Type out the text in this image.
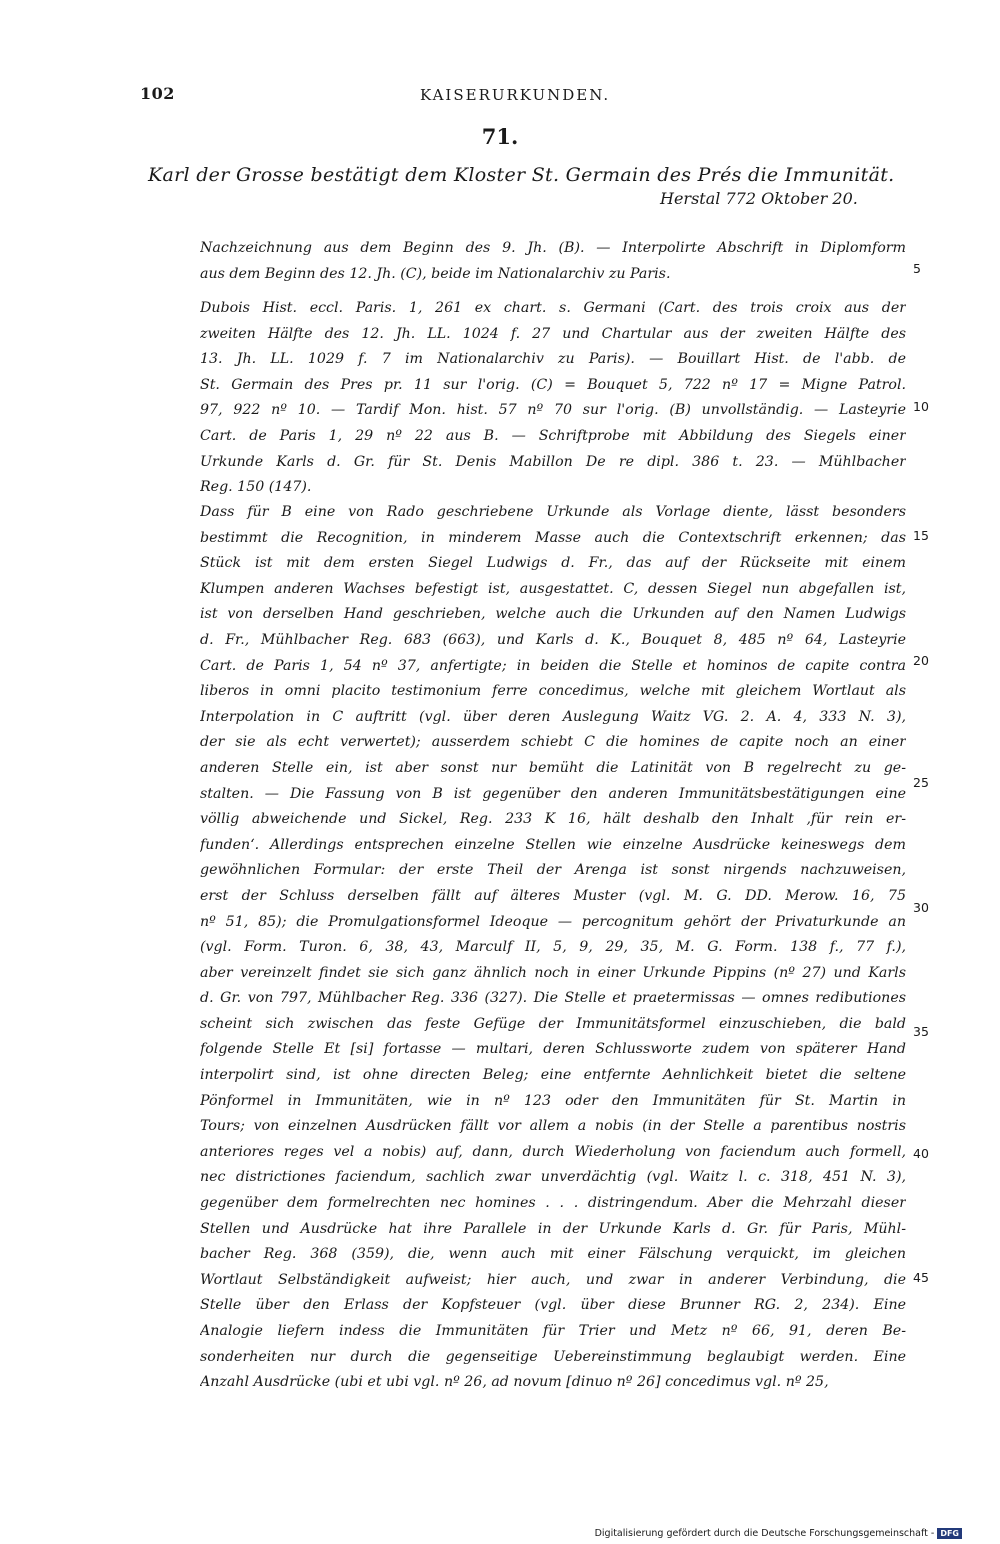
102	KAISERURKUNDEN.
71.
Karl der Grosse bestätigt dem Kloster St. Germain des Prés die Immunität.
Herstal 772 Oktober 20.
Nachzeichnung aus dem Beginn des 9. Jh. (B). — Interpolirte Abschrift in Diplomform
aus dem Beginn des 12. Jh. (C), beide im Nationalarchiv zu Paris.
Dubois Hist. eccl. Paris. 1, 261 ex chart. s. Germani (Cart. des trois croix aus der
zweiten Hälfte des 12. Jh. LL. 1024 f. 27 und Chartular aus der zweiten Hälfte des
13. Jh. LL. 1029 f. 7 im Nationalarchiv zu Paris). — Bouillart Hist. de l'abb. de
St. Germain des Pres pr. 11 sur l'orig. (C) = Bouquet 5, 722 nº 17 = Migne Patrol.
97, 922 nº 10. — Tardif Mon. hist. 57 nº 70 sur l'orig. (B) unvollständig. — Lasteyrie
Cart. de Paris 1, 29 nº 22 aus B. — Schriftprobe mit Abbildung des Siegels einer
Urkunde Karls d. Gr. für St. Denis Mabillon De re dipl. 386 t. 23. — Mühlbacher
Reg. 150 (147).
Dass für B eine von Rado geschriebene Urkunde als Vorlage diente, lässt besonders
bestimmt die Recognition, in minderem Masse auch die Contextschrift erkennen; das
Stück ist mit dem ersten Siegel Ludwigs d. Fr., das auf der Rückseite mit einem
Klumpen anderen Wachses befestigt ist, ausgestattet. C, dessen Siegel nun abgefallen ist,
ist von derselben Hand geschrieben, welche auch die Urkunden auf den Namen Ludwigs
d. Fr., Mühlbacher Reg. 683 (663), und Karls d. K., Bouquet 8, 485 nº 64, Lasteyrie
Cart. de Paris 1, 54 nº 37, anfertigte; in beiden die Stelle et hominos de capite contra
liberos in omni placito testimonium ferre concedimus, welche mit gleichem Wortlaut als
Interpolation in C auftritt (vgl. über deren Auslegung Waitz VG. 2. A. 4, 333 N. 3),
der sie als echt verwertet); ausserdem schiebt C die homines de capite noch an einer
anderen Stelle ein, ist aber sonst nur bemüht die Latinität von B regelrecht zu ge-
stalten. — Die Fassung von B ist gegenüber den anderen Immunitätsbestätigungen eine
völlig abweichende und Sickel, Reg. 233 K 16, hält deshalb den Inhalt ‚für rein er-
funden‘. Allerdings entsprechen einzelne Stellen wie einzelne Ausdrücke keineswegs dem
gewöhnlichen Formular: der erste Theil der Arenga ist sonst nirgends nachzuweisen,
erst der Schluss derselben fällt auf älteres Muster (vgl. M. G. DD. Merow. 16, 75
nº 51, 85); die Promulgationsformel Ideoque — percognitum gehört der Privaturkunde an
(vgl. Form. Turon. 6, 38, 43, Marculf II, 5, 9, 29, 35, M. G. Form. 138 f., 77 f.),
aber vereinzelt findet sie sich ganz ähnlich noch in einer Urkunde Pippins (nº 27) und Karls
d. Gr. von 797, Mühlbacher Reg. 336 (327). Die Stelle et praetermissas — omnes redibutiones
scheint sich zwischen das feste Gefüge der Immunitätsformel einzuschieben, die bald
folgende Stelle Et [si] fortasse — multari, deren Schlussworte zudem von späterer Hand
interpolirt sind, ist ohne directen Beleg; eine entfernte Aehnlichkeit bietet die seltene
Pönformel in Immunitäten, wie in nº 123 oder den Immunitäten für St. Martin in
Tours; von einzelnen Ausdrücken fällt vor allem a nobis (in der Stelle a parentibus nostris
anteriores reges vel a nobis) auf, dann, durch Wiederholung von faciendum auch formell,
nec districtiones faciendum, sachlich zwar unverdächtig (vgl. Waitz l. c. 318, 451 N. 3),
gegenüber dem formelrechten nec homines . . . distringendum. Aber die Mehrzahl dieser
Stellen und Ausdrücke hat ihre Parallele in der Urkunde Karls d. Gr. für Paris, Mühl-
bacher Reg. 368 (359), die, wenn auch mit einer Fälschung verquickt, im gleichen
Wortlaut Selbständigkeit aufweist; hier auch, und zwar in anderer Verbindung, die
Stelle über den Erlass der Kopfsteuer (vgl. über diese Brunner RG. 2, 234). Eine
Analogie liefern indess die Immunitäten für Trier und Metz nº 66, 91, deren Be-
sonderheiten nur durch die gegenseitige Uebereinstimmung beglaubigt werden. Eine
Anzahl Ausdrücke (ubi et ubi vgl. nº 26, ad novum [dinuo nº 26] concedimus vgl. nº 25,
5
10
15
20
25
30
35
40
45
Digitalisierung gefördert durch die Deutsche Forschungsgemeinschaft - DFG
